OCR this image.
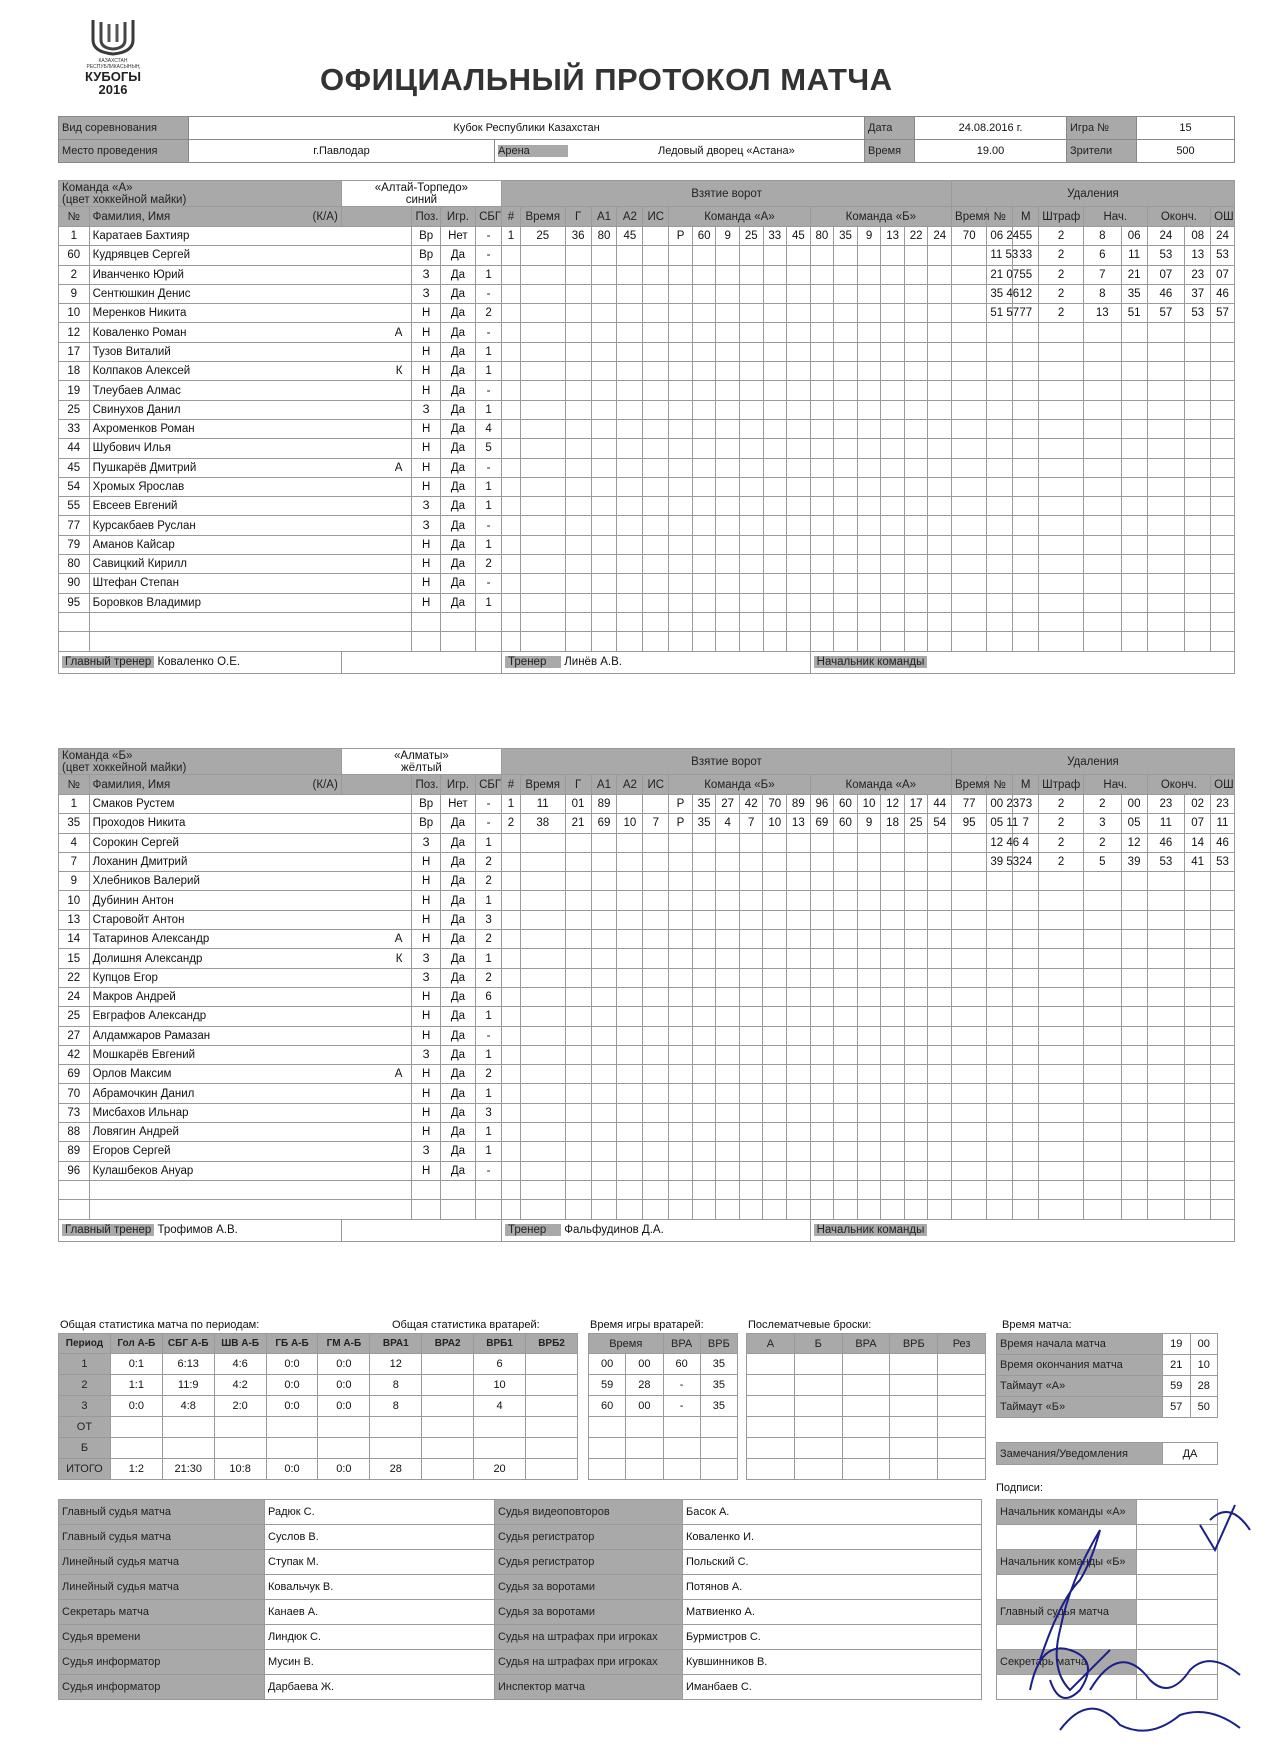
КАЗАХСТАН РЕСПУБЛИКАСЫНЫҢ
КУБОГЫ
2016	ОФИЦИАЛЬНЫЙ ПРОТОКОЛ МАТЧА
Вид соревнования	Кубок Республики Казахстан		Дата	24.08.2016 г.	Игра №	15
Место проведения	г.Павлодар	Арена Ледовый дворец «Астана»	Время	19.00	Зрители	500
Команда «А»
(цвет хоккейной майки)		«Алтай-Торпедо»
синий				Взятие ворот																		Удаления									
№	Фамилия, Имя (К/А)		Поз.	Игр.	СБГ	#	Время	Г	А1	А2	ИС	Команда «А»						Команда «Б»						Время	№	М	Штраф	Нач.		Оконч.		ОШ	
1	Каратаев Бахтияр		Вр	Нет	-	1	25	36	80	45		Р	60	9	25	33	45	80	35	9	13	22	24	70	06 24	55	2	8	06	24	08	24	
60	Кудрявцев Сергей		Вр	Да	-																				11 53	33	2	6	11	53	13	53	
2	Иванченко Юрий		З	Да	1																				21 07	55	2	7	21	07	23	07	
9	Сентюшкин Денис		З	Да	-																				35 46	12	2	8	35	46	37	46	
10	Меренков Никита		Н	Да	2																				51 57	77	2	13	51	57	53	57	
12	Коваленко Роман А		Н	Да	-																												
17	Тузов Виталий		Н	Да	1																												
18	Колпаков Алексей К		Н	Да	1																												
19	Тлеубаев Алмас		Н	Да	-																												
25	Свинухов Данил		З	Да	1																												
33	Ахроменков Роман		Н	Да	4																												
44	Шубович Илья		Н	Да	5																												
45	Пушкарёв Дмитрий А		Н	Да	-																												
54	Хромых Ярослав		Н	Да	1																												
55	Евсеев Евгений		З	Да	1																												
77	Курсакбаев Руслан		З	Да	-																												
79	Аманов Кайсар		Н	Да	1																												
80	Савицкий Кирилл		Н	Да	2																												
90	Штефан Степан		Н	Да	-																												
95	Боровков Владимир		Н	Да	1																												

Главный тренер Коваленко О.Е.						Тренер Линёв А.В.												Начальник команды															
Команда «Б»
(цвет хоккейной майки)		«Алматы»
жёлтый				Взятие ворот																		Удаления									
№	Фамилия, Имя (К/А)		Поз.	Игр.	СБГ	#	Время	Г	А1	А2	ИС	Команда «Б»						Команда «А»						Время	№	М	Штраф	Нач.		Оконч.		ОШ	
1	Смаков Рустем		Вр	Нет	-	1	11	01	89			Р	35	27	42	70	89	96	60	10	12	17	44	77	00 23	73	2	2	00	23	02	23	
35	Проходов Никита		Вр	Да	-	2	38	21	69	10	7	Р	35	4	7	10	13	69	60	9	18	25	54	95	05 11	7	2	3	05	11	07	11	
4	Сорокин Сергей		З	Да	1																				12 46	4	2	2	12	46	14	46	
7	Лоханин Дмитрий		Н	Да	2																				39 53	24	2	5	39	53	41	53	
9	Хлебников Валерий		Н	Да	2																												
10	Дубинин Антон		Н	Да	1																												
13	Старовойт Антон		Н	Да	3																												
14	Татаринов Александр А		Н	Да	2																												
15	Долишня Александр К		З	Да	1																												
22	Купцов Егор		З	Да	2																												
24	Макров Андрей		Н	Да	6																												
25	Евграфов Александр		Н	Да	1																												
27	Алдамжаров Рамазан		Н	Да	-																												
42	Мошкарёв Евгений		З	Да	1																												
69	Орлов Максим А		Н	Да	2																												
70	Абрамочкин Данил		Н	Да	1																												
73	Мисбахов Ильнар		Н	Да	3																												
88	Ловягин Андрей		Н	Да	1																												
89	Егоров Сергей		З	Да	1																												
96	Кулашбеков Ануар		Н	Да	-																												

Главный тренер Трофимов А.В.						Тренер Фальфудинов Д.А.												Начальник команды															
Общая статистика матча по периодам:	Общая статистика вратарей:	Время игры вратарей:	Послематчевые броски:	Время матча:
Период	Гол А-Б	СБГ А-Б	ШВ А-Б	ГБ А-Б	ГМ А-Б	ВРА1	ВРА2	ВРБ1	ВРБ2
1	0:1	6:13	4:6	0:0	0:0	12		6	
2	1:1	11:9	4:2	0:0	0:0	8		10	
3	0:0	4:8	2:0	0:0	0:0	8		4	
ОТ									
Б									
ИТОГО	1:2	21:30	10:8	0:0	0:0	28		20	
Время		ВРА	ВРБ
00	00	60	35
59	28	-	35
60	00	-	35

А	Б	ВРА	ВРБ	Рез

					Время начала матча	19	00
Время окончания матча	21	10
Таймаут «А»	59	28
Таймаут «Б»	57	50
Замечания/Уведомления	ДА
Подписи:
Главный судья матча	Радюк С.	Судья видеоповторов	Басок А.
Главный судья матча	Суслов В.	Судья регистратор	Коваленко И.
Линейный судья матча	Ступак М.	Судья регистратор	Польский С.
Линейный судья матча	Ковальчук В.	Судья за воротами	Потянов А.
Секретарь матча	Канаев А.	Судья за воротами	Матвиенко А.
Судья времени	Линдюк С.	Судья на штрафах при игроках	Бурмистров С.
Судья информатор	Мусин В.	Судья на штрафах при игроках	Кувшинников В.
Судья информатор	Дарбаева Ж.	Инспектор матча	Иманбаев С.
Начальник команды «А»	

Начальник команды «Б»	

Главный судья матча	

Секретарь матча	
